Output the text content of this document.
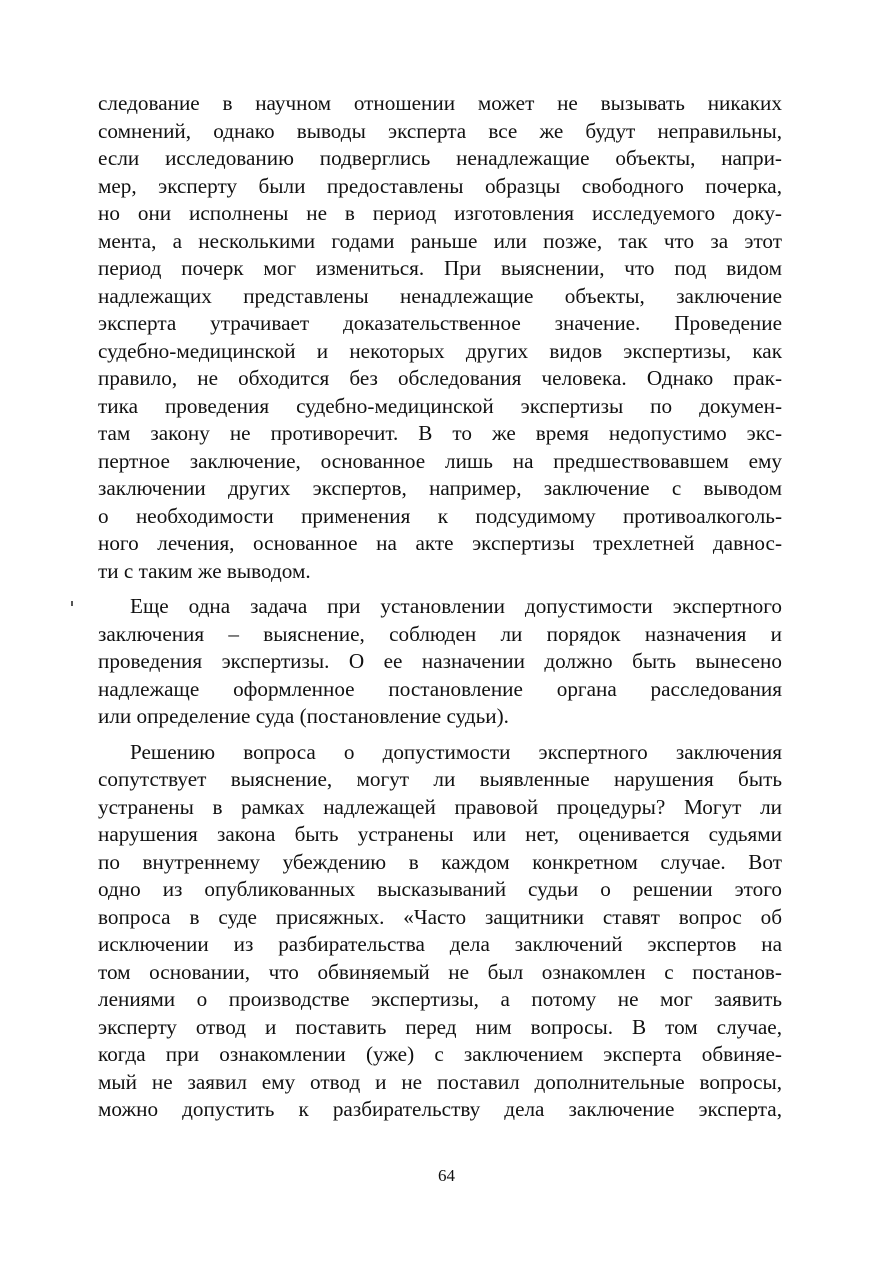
следование в научном отношении может не вызывать никаких
сомнений, однако выводы эксперта все же будут неправильны,
если исследованию подверглись ненадлежащие объекты, напри-
мер, эксперту были предоставлены образцы свободного почерка,
но они исполнены не в период изготовления исследуемого доку-
мента, а несколькими годами раньше или позже, так что за этот
период почерк мог измениться. При выяснении, что под видом
надлежащих представлены ненадлежащие объекты, заключение
эксперта утрачивает доказательственное значение. Проведение
судебно-медицинской и некоторых других видов экспертизы, как
правило, не обходится без обследования человека. Однако прак-
тика проведения судебно-медицинской экспертизы по докумен-
там закону не противоречит. В то же время недопустимо экс-
пертное заключение, основанное лишь на предшествовавшем ему
заключении других экспертов, например, заключение с выводом
о необходимости применения к подсудимому противоалкоголь-
ного лечения, основанное на акте экспертизы трехлетней давнос-
ти с таким же выводом.
Еще одна задача при установлении допустимости экспертного
заключения – выяснение, соблюден ли порядок назначения и
проведения экспертизы. О ее назначении должно быть вынесено
надлежаще оформленное постановление органа расследования
или определение суда (постановление судьи).
Решению вопроса о допустимости экспертного заключения
сопутствует выяснение, могут ли выявленные нарушения быть
устранены в рамках надлежащей правовой процедуры? Могут ли
нарушения закона быть устранены или нет, оценивается судьями
по внутреннему убеждению в каждом конкретном случае. Вот
одно из опубликованных высказываний судьи о решении этого
вопроса в суде присяжных. «Часто защитники ставят вопрос об
исключении из разбирательства дела заключений экспертов на
том основании, что обвиняемый не был ознакомлен с постанов-
лениями о производстве экспертизы, а потому не мог заявить
эксперту отвод и поставить перед ним вопросы. В том случае,
когда при ознакомлении (уже) с заключением эксперта обвиняе-
мый не заявил ему отвод и не поставил дополнительные вопросы,
можно допустить к разбирательству дела заключение эксперта,
64
